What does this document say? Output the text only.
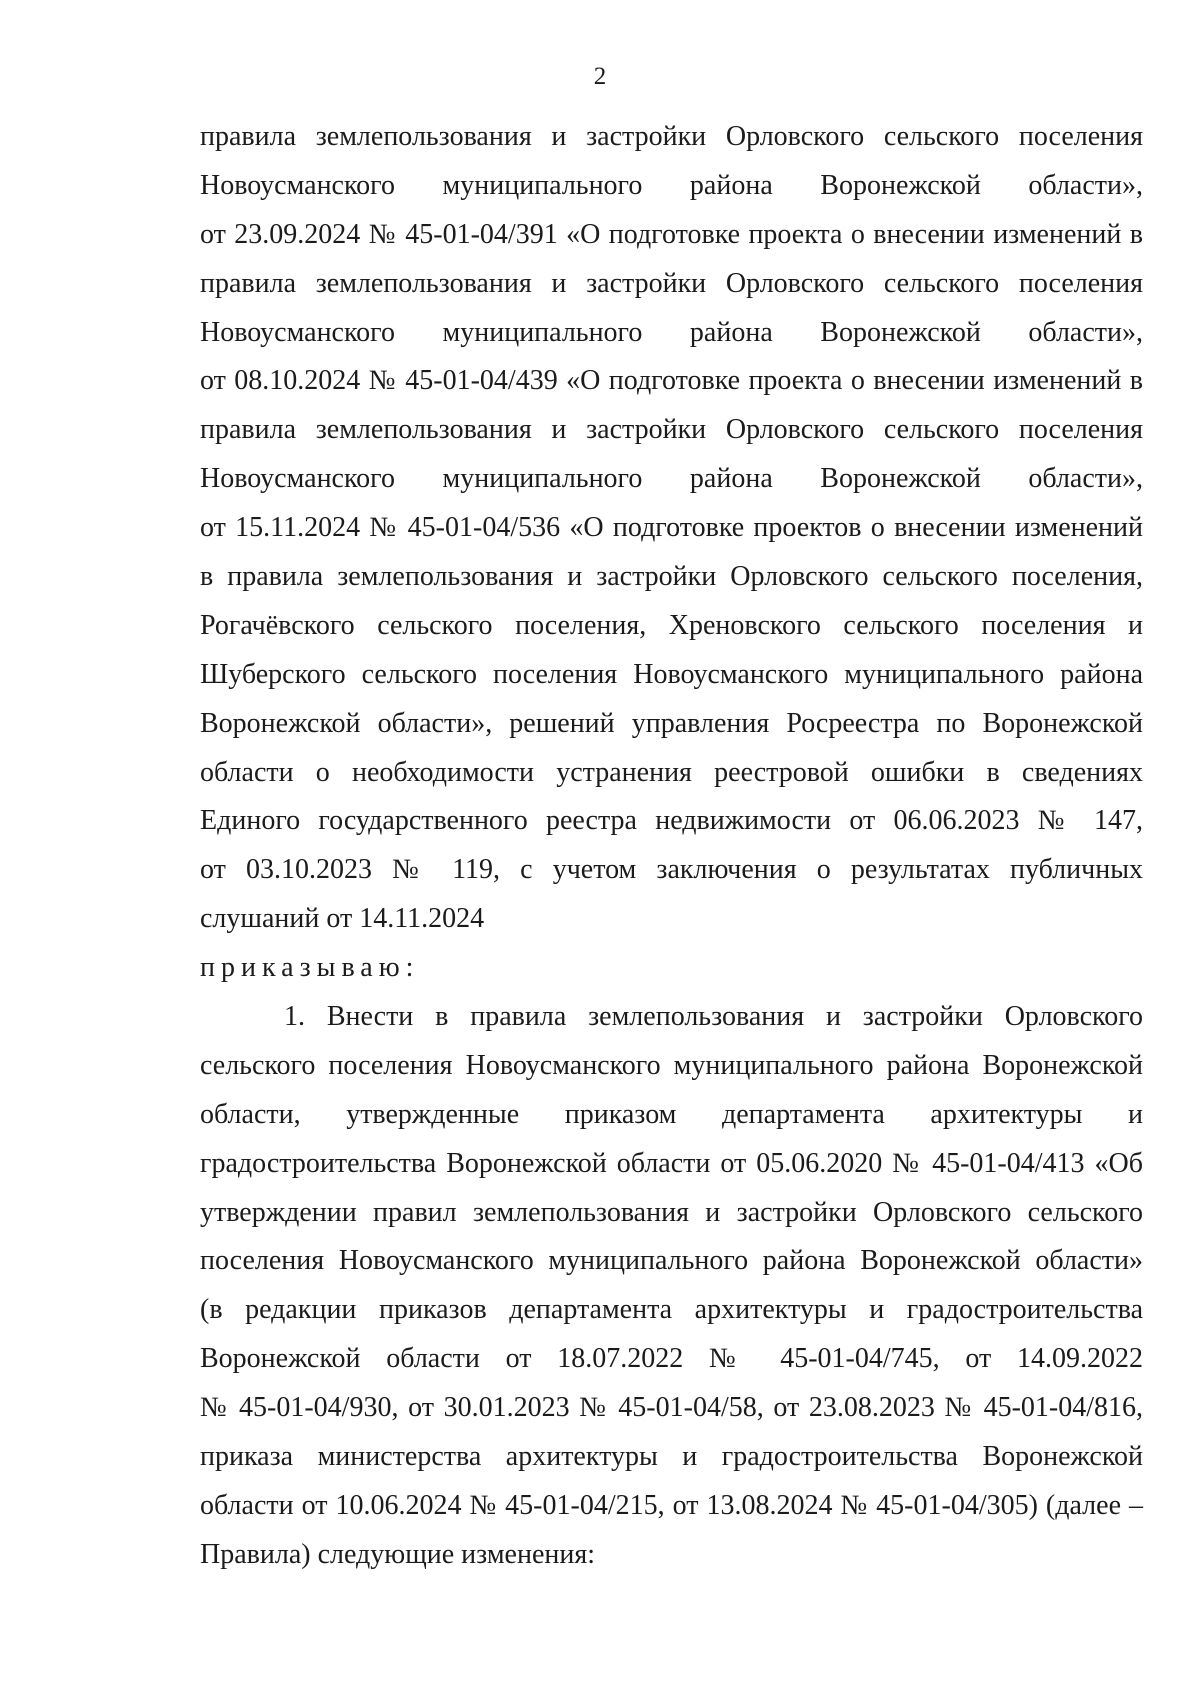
2
правила землепользования и застройки Орловского сельского поселения
Новоусманского муниципального района Воронежской области»,
от 23.09.2024 № 45-01-04/391 «О подготовке проекта о внесении изменений в
правила землепользования и застройки Орловского сельского поселения
Новоусманского муниципального района Воронежской области»,
от 08.10.2024 № 45-01-04/439 «О подготовке проекта о внесении изменений в
правила землепользования и застройки Орловского сельского поселения
Новоусманского муниципального района Воронежской области»,
от 15.11.2024 № 45-01-04/536 «О подготовке проектов о внесении изменений
в правила землепользования и застройки Орловского сельского поселения,
Рогачёвского сельского поселения, Хреновского сельского поселения и
Шуберского сельского поселения Новоусманского муниципального района
Воронежской области», решений управления Росреестра по Воронежской
области о необходимости устранения реестровой ошибки в сведениях
Единого государственного реестра недвижимости от 06.06.2023 № 147,
от 03.10.2023 № 119, с учетом заключения о результатах публичных
слушаний от 14.11.2024
приказываю:
1. Внести в правила землепользования и застройки Орловского
сельского поселения Новоусманского муниципального района Воронежской
области, утвержденные приказом департамента архитектуры и
градостроительства Воронежской области от 05.06.2020 № 45-01-04/413 «Об
утверждении правил землепользования и застройки Орловского сельского
поселения Новоусманского муниципального района Воронежской области»
(в редакции приказов департамента архитектуры и градостроительства
Воронежской области от 18.07.2022 № 45-01-04/745, от 14.09.2022
№ 45-01-04/930, от 30.01.2023 № 45-01-04/58, от 23.08.2023 № 45-01-04/816,
приказа министерства архитектуры и градостроительства Воронежской
области от 10.06.2024 № 45-01-04/215, от 13.08.2024 № 45-01-04/305) (далее –
Правила) следующие изменения:
